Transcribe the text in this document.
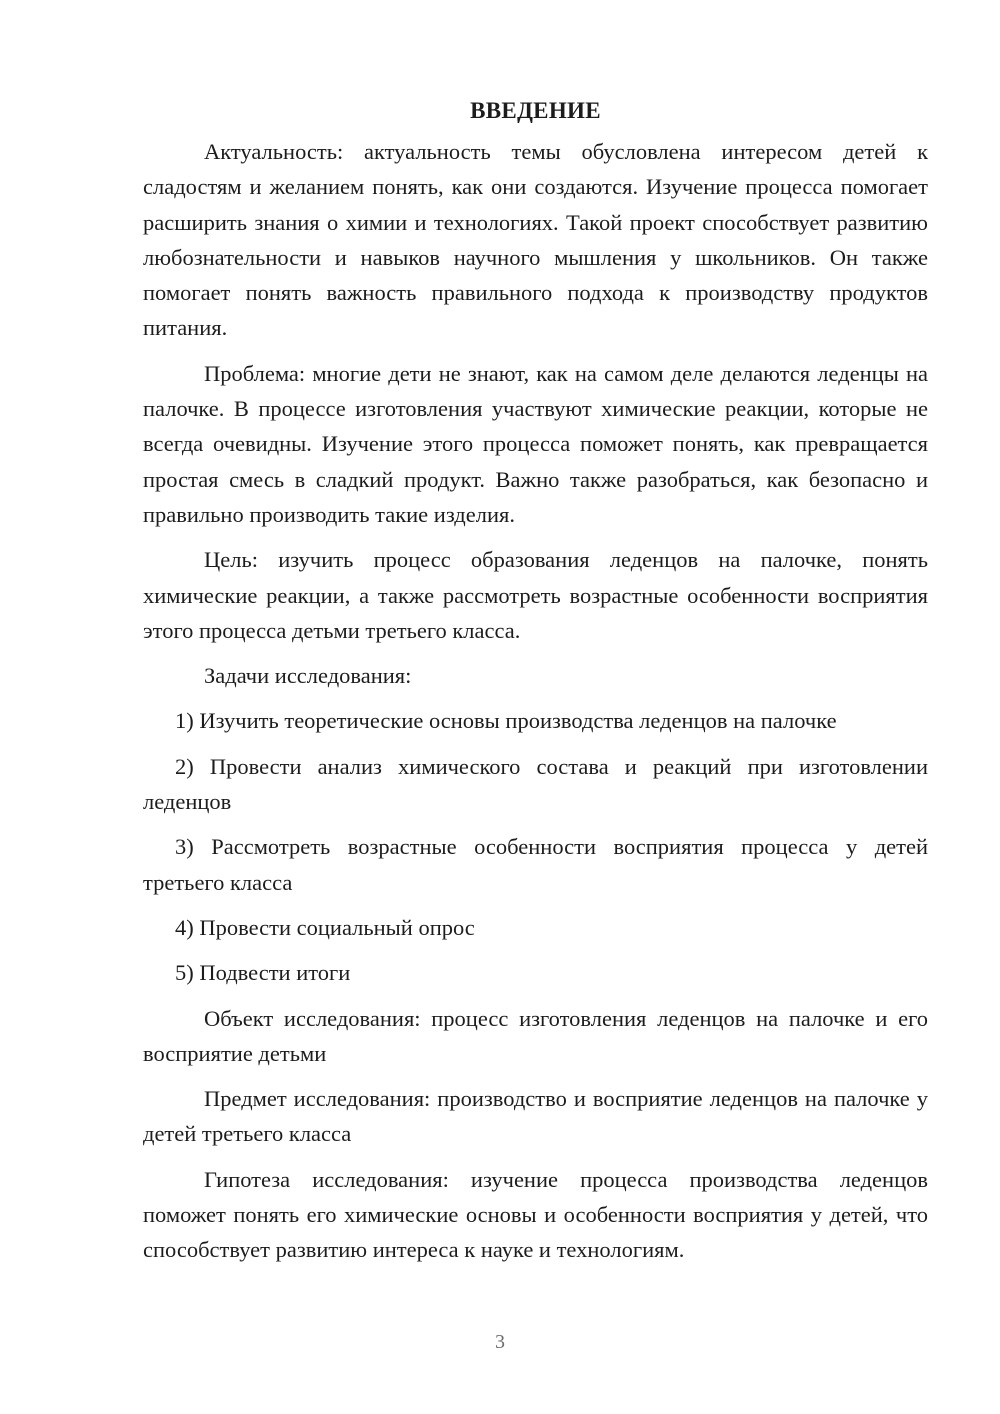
ВВЕДЕНИЕ

Актуальность: актуальность темы обусловлена интересом детей к сладостям и желанием понять, как они создаются. Изучение процесса помогает расширить знания о химии и технологиях. Такой проект способствует развитию любознательности и навыков научного мышления у школьников. Он также помогает понять важность правильного подхода к производству продуктов питания.

Проблема: многие дети не знают, как на самом деле делаются леденцы на палочке. В процессе изготовления участвуют химические реакции, которые не всегда очевидны. Изучение этого процесса поможет понять, как превращается простая смесь в сладкий продукт. Важно также разобраться, как безопасно и правильно производить такие изделия.

Цель: изучить процесс образования леденцов на палочке, понять химические реакции, а также рассмотреть возрастные особенности восприятия этого процесса детьми третьего класса.

Задачи исследования:

1) Изучить теоретические основы производства леденцов на палочке

2) Провести анализ химического состава и реакций при изготовлении леденцов

3) Рассмотреть возрастные особенности восприятия процесса у детей третьего класса

4) Провести социальный опрос

5) Подвести итоги

Объект исследования: процесс изготовления леденцов на палочке и его восприятие детьми

Предмет исследования: производство и восприятие леденцов на палочке у детей третьего класса

Гипотеза исследования: изучение процесса производства леденцов поможет понять его химические основы и особенности восприятия у детей, что способствует развитию интереса к науке и технологиям.

3
